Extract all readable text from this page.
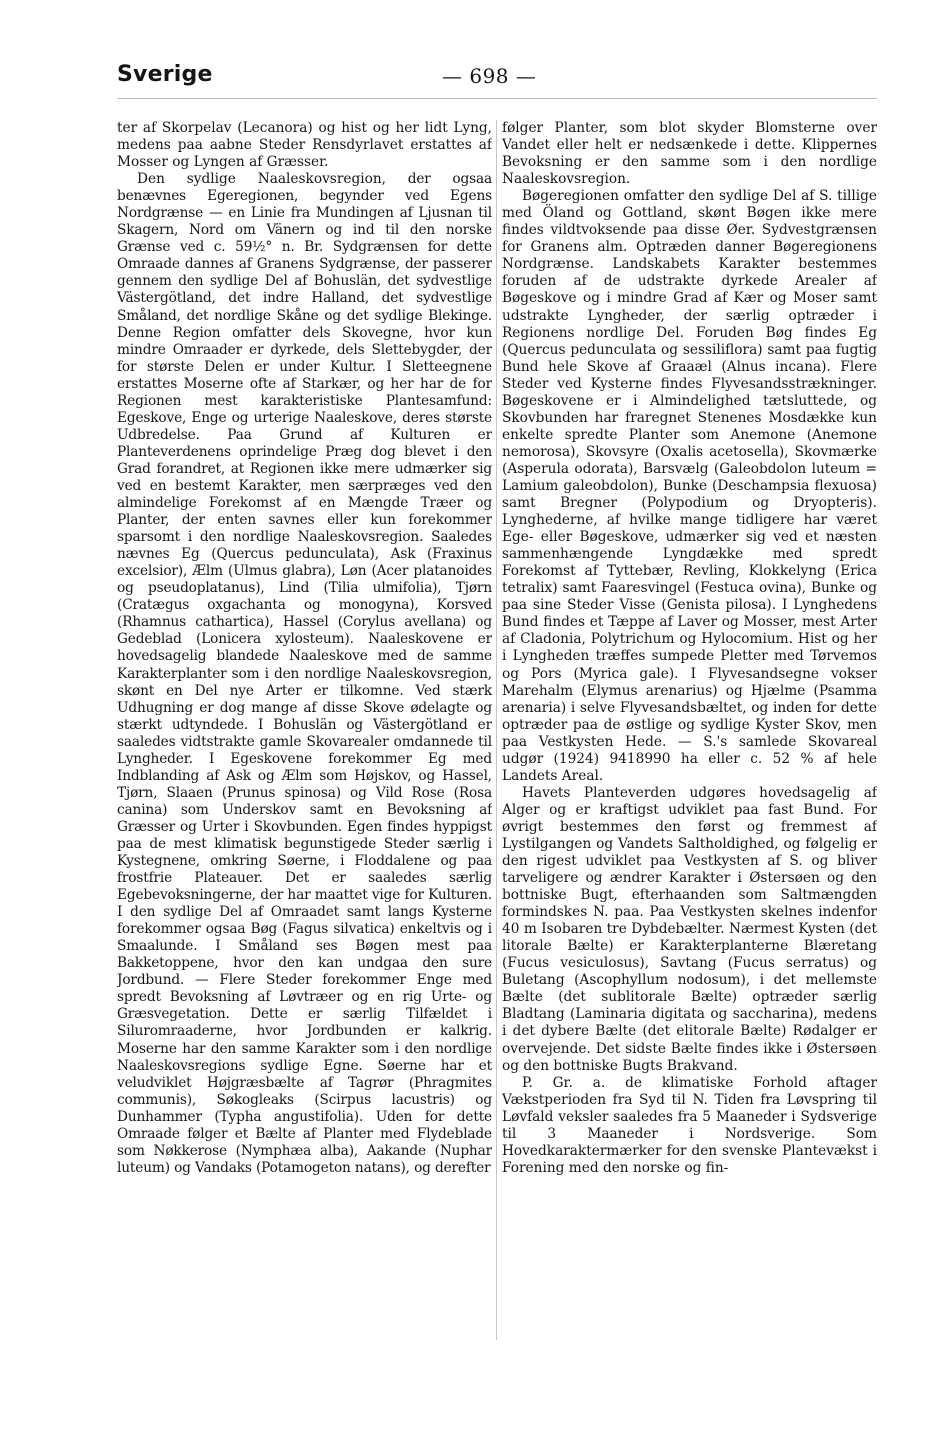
Sverige	— 698 —

ter af Skorpelav (Lecanora) og hist og her lidt Lyng, medens paa aabne Steder Rensdyrlavet erstattes af Mosser og Lyngen af Græsser.

Den sydlige Naaleskovsregion, der ogsaa benævnes Egeregionen, begynder ved Egens Nordgrænse — en Linie fra Mundingen af Ljusnan til Skagern, Nord om Vänern og ind til den norske Grænse ved c. 59½° n. Br. Sydgrænsen for dette Omraade dannes af Granens Sydgrænse, der passerer gennem den sydlige Del af Bohuslän, det sydvestlige Västergötland, det indre Halland, det sydvestlige Småland, det nordlige Skåne og det sydlige Blekinge. Denne Region omfatter dels Skovegne, hvor kun mindre Omraader er dyrkede, dels Slettebygder, der for største Delen er under Kultur. I Sletteegnene erstattes Moserne ofte af Starkær, og her har de for Regionen mest karakteristiske Plantesamfund: Egeskove, Enge og urterige Naaleskove, deres største Udbredelse. Paa Grund af Kulturen er Planteverdenens oprindelige Præg dog blevet i den Grad forandret, at Regionen ikke mere udmærker sig ved en bestemt Karakter, men særpræges ved den almindelige Forekomst af en Mængde Træer og Planter, der enten savnes eller kun forekommer sparsomt i den nordlige Naaleskovsregion. Saaledes nævnes Eg (Quercus pedunculata), Ask (Fraxinus excelsior), Ælm (Ulmus glabra), Løn (Acer platanoides og pseudoplatanus), Lind (Tilia ulmifolia), Tjørn (Cratægus oxgachanta og monogyna), Korsved (Rhamnus cathartica), Hassel (Corylus avellana) og Gedeblad (Lonicera xylosteum). Naaleskovene er hovedsagelig blandede Naaleskove med de samme Karakterplanter som i den nordlige Naaleskovsregion, skønt en Del nye Arter er tilkomne. Ved stærk Udhugning er dog mange af disse Skove ødelagte og stærkt udtyndede. I Bohuslän og Västergötland er saaledes vidtstrakte gamle Skovarealer omdannede til Lyngheder. I Egeskovene forekommer Eg med Indblanding af Ask og Ælm som Højskov, og Hassel, Tjørn, Slaaen (Prunus spinosa) og Vild Rose (Rosa canina) som Underskov samt en Bevoksning af Græsser og Urter i Skovbunden. Egen findes hyppigst paa de mest klimatisk begunstigede Steder særlig i Kystegnene, omkring Søerne, i Floddalene og paa frostfrie Plateauer. Det er saaledes særlig Egebevoksningerne, der har maattet vige for Kulturen. I den sydlige Del af Omraadet samt langs Kysterne forekommer ogsaa Bøg (Fagus silvatica) enkeltvis og i Smaalunde. I Småland ses Bøgen mest paa Bakketoppene, hvor den kan undgaa den sure Jordbund. — Flere Steder forekommer Enge med spredt Bevoksning af Løvtræer og en rig Urte- og Græsvegetation. Dette er særlig Tilfældet i Siluromraaderne, hvor Jordbunden er kalkrig. Moserne har den samme Karakter som i den nordlige Naaleskovsregions sydlige Egne. Søerne har et veludviklet Højgræsbælte af Tagrør (Phragmites communis), Søkogleaks (Scirpus lacustris) og Dunhammer (Typha angustifolia). Uden for dette Omraade følger et Bælte af Planter med Flydeblade som Nøkkerose (Nymphæa alba), Aakande (Nuphar luteum) og Vandaks (Potamogeton natans), og derefter

følger Planter, som blot skyder Blomsterne over Vandet eller helt er nedsænkede i dette. Klippernes Bevoksning er den samme som i den nordlige Naaleskovsregion.

Bøgeregionen omfatter den sydlige Del af S. tillige med Öland og Gottland, skønt Bøgen ikke mere findes vildtvoksende paa disse Øer. Sydvestgrænsen for Granens alm. Optræden danner Bøgeregionens Nordgrænse. Landskabets Karakter bestemmes foruden af de udstrakte dyrkede Arealer af Bøgeskove og i mindre Grad af Kær og Moser samt udstrakte Lyngheder, der særlig optræder i Regionens nordlige Del. Foruden Bøg findes Eg (Quercus pedunculata og sessiliflora) samt paa fugtig Bund hele Skove af Graaæl (Alnus incana). Flere Steder ved Kysterne findes Flyvesandsstrækninger. Bøgeskovene er i Almindelighed tætsluttede, og Skovbunden har fraregnet Stenenes Mosdække kun enkelte spredte Planter som Anemone (Anemone nemorosa), Skovsyre (Oxalis acetosella), Skovmærke (Asperula odorata), Barsvælg (Galeobdolon luteum = Lamium galeobdolon), Bunke (Deschampsia flexuosa) samt Bregner (Polypodium og Dryopteris). Lynghederne, af hvilke mange tidligere har været Ege- eller Bøgeskove, udmærker sig ved et næsten sammenhængende Lyngdække med spredt Forekomst af Tyttebær, Revling, Klokkelyng (Erica tetralix) samt Faaresvingel (Festuca ovina), Bunke og paa sine Steder Visse (Genista pilosa). I Lynghedens Bund findes et Tæppe af Laver og Mosser, mest Arter af Cladonia, Polytrichum og Hylocomium. Hist og her i Lyngheden træffes sumpede Pletter med Tørvemos og Pors (Myrica gale). I Flyvesandsegne vokser Marehalm (Elymus arenarius) og Hjælme (Psamma arenaria) i selve Flyvesandsbæltet, og inden for dette optræder paa de østlige og sydlige Kyster Skov, men paa Vestkysten Hede. — S.'s samlede Skovareal udgør (1924) 9418990 ha eller c. 52 % af hele Landets Areal.

Havets Planteverden udgøres hovedsagelig af Alger og er kraftigst udviklet paa fast Bund. For øvrigt bestemmes den først og fremmest af Lystilgangen og Vandets Saltholdighed, og følgelig er den rigest udviklet paa Vestkysten af S. og bliver tarveligere og ændrer Karakter i Østersøen og den bottniske Bugt, efterhaanden som Saltmængden formindskes N. paa. Paa Vestkysten skelnes indenfor 40 m Isobaren tre Dybdebælter. Nærmest Kysten (det litorale Bælte) er Karakterplanterne Blæretang (Fucus vesiculosus), Savtang (Fucus serratus) og Buletang (Ascophyllum nodosum), i det mellemste Bælte (det sublitorale Bælte) optræder særlig Bladtang (Laminaria digitata og saccharina), medens i det dybere Bælte (det elitorale Bælte) Rødalger er overvejende. Det sidste Bælte findes ikke i Østersøen og den bottniske Bugts Brakvand.

P. Gr. a. de klimatiske Forhold aftager Vækstperioden fra Syd til N. Tiden fra Løvspring til Løvfald veksler saaledes fra 5 Maaneder i Sydsverige til 3 Maaneder i Nordsverige. Som Hovedkaraktermærker for den svenske Plantevækst i Forening med den norske og fin-
